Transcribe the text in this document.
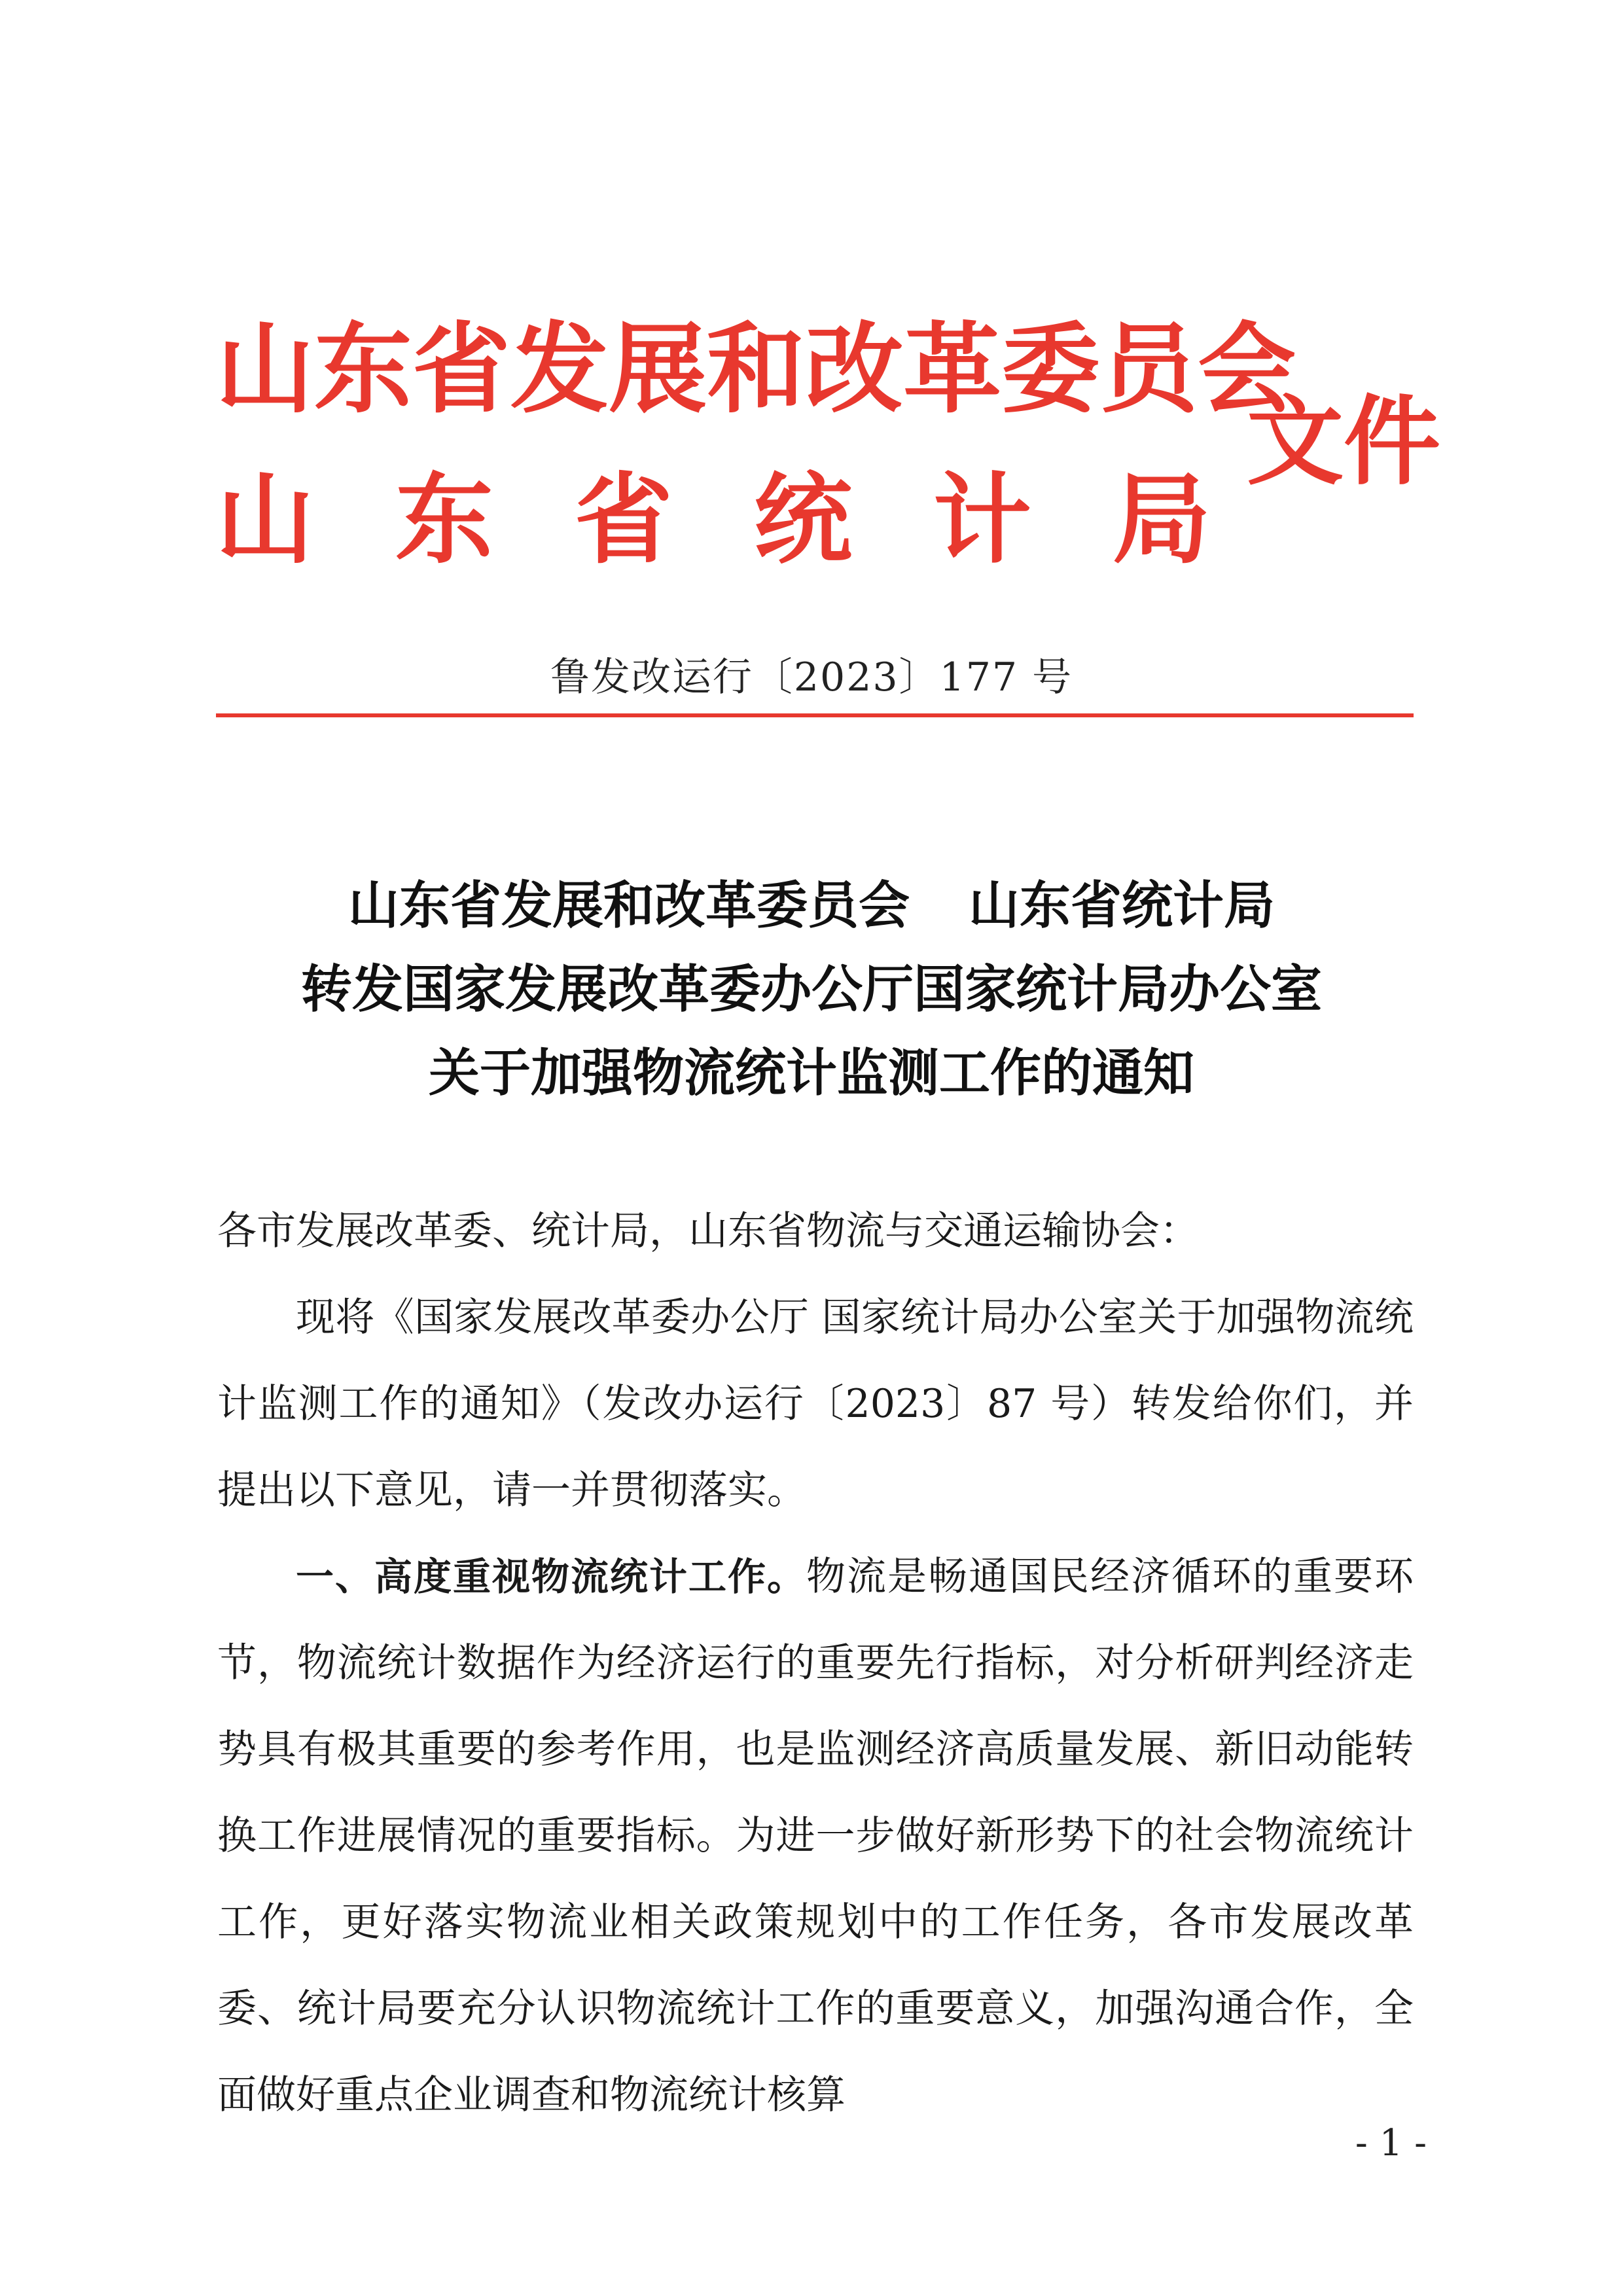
山 东 省 发 展 和 改 革 委 员 会
山 东 省 统 计 局
文件
鲁发改运行〔2023〕177 号
山东省发展和改革委员会 山东省统计局
转发国家发展改革委办公厅国家统计局办公室
关于加强物流统计监测工作的通知

各市发展改革委、统计局，山东省物流与交通运输协会：

现将《国家发展改革委办公厅 国家统计局办公室关于加强物流统计监测工作的通知》（发改办运行〔2023〕87 号）转发给你们，并提出以下意见，请一并贯彻落实。

一、高度重视物流统计工作。物流是畅通国民经济循环的重要环节，物流统计数据作为经济运行的重要先行指标，对分析研判经济走势具有极其重要的参考作用，也是监测经济高质量发展、新旧动能转换工作进展情况的重要指标。为进一步做好新形势下的社会物流统计工作，更好落实物流业相关政策规划中的工作任务，各市发展改革委、统计局要充分认识物流统计工作的重要意义，加强沟通合作，全面做好重点企业调查和物流统计核算

- 1 -
